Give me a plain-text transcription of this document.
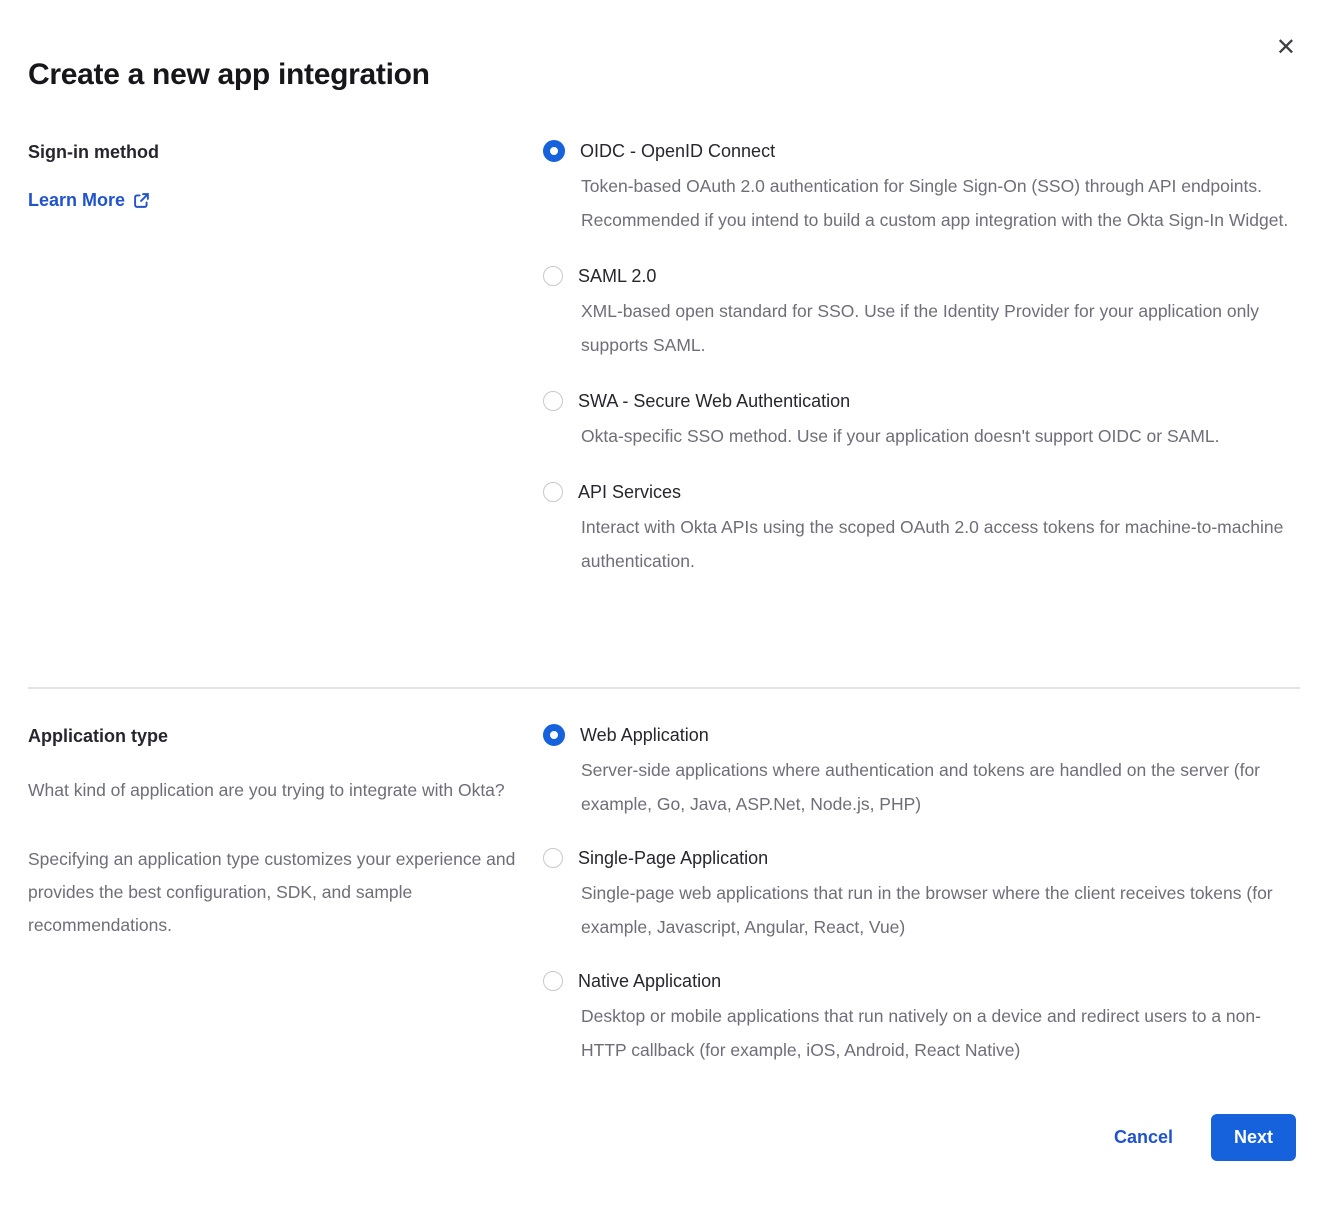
✕
Create a new app integration
Sign-in method
Learn More
OIDC - OpenID Connect
Token-based OAuth 2.0 authentication for Single Sign-On (SSO) through API endpoints. Recommended if you intend to build a custom app integration with the Okta Sign-In Widget.
SAML 2.0
XML-based open standard for SSO. Use if the Identity Provider for your application only supports SAML.
SWA - Secure Web Authentication
Okta-specific SSO method. Use if your application doesn't support OIDC or SAML.
API Services
Interact with Okta APIs using the scoped OAuth 2.0 access tokens for machine-to-machine authentication.
Application type
What kind of application are you trying to integrate with Okta?
Specifying an application type customizes your experience and provides the best configuration, SDK, and sample recommendations.
Web Application
Server-side applications where authentication and tokens are handled on the server (for example, Go, Java, ASP.Net, Node.js, PHP)
Single-Page Application
Single-page web applications that run in the browser where the client receives tokens (for example, Javascript, Angular, React, Vue)
Native Application
Desktop or mobile applications that run natively on a device and redirect users to a non-HTTP callback (for example, iOS, Android, React Native)
Cancel	Next
